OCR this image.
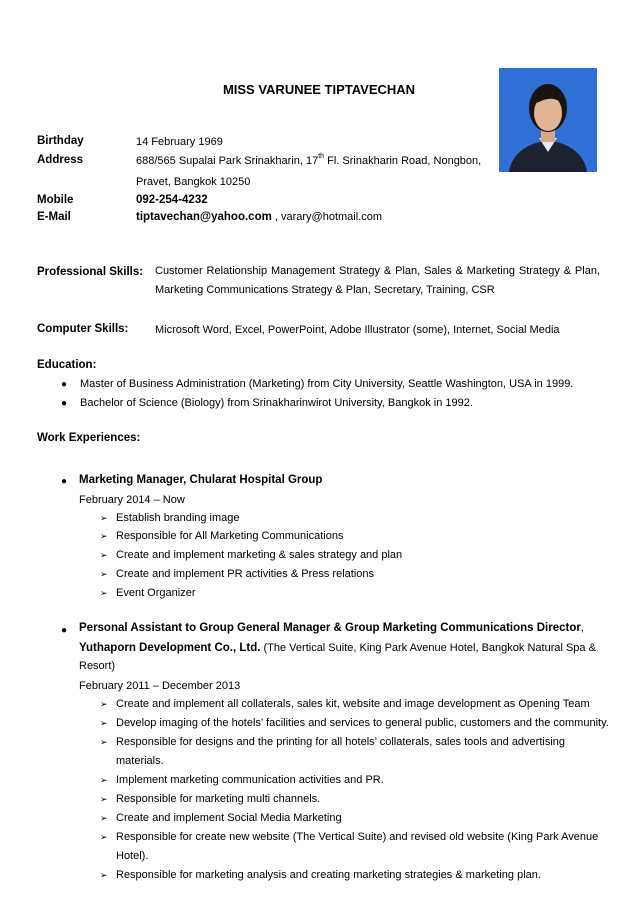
MISS VARUNEE TIPTAVECHAN
Birthday	14 February 1969
Address	688/565 Supalai Park Srinakharin, 17th Fl. Srinakharin Road, Nongbon,
Pravet, Bangkok 10250
Mobile	092-254-4232
E-Mail	tiptavechan@yahoo.com , varary@hotmail.com
Professional Skills: Customer Relationship Management Strategy & Plan, Sales & Marketing Strategy & Plan, Marketing Communications Strategy & Plan, Secretary, Training, CSR
Computer Skills: Microsoft Word, Excel, PowerPoint, Adobe Illustrator (some), Internet, Social Media
Education:
● Master of Business Administration (Marketing) from City University, Seattle Washington, USA in 1999.
● Bachelor of Science (Biology) from Srinakharinwirot University, Bangkok in 1992.
Work Experiences:
● Marketing Manager, Chularat Hospital Group
February 2014 – Now
➢ Establish branding image
➢ Responsible for All Marketing Communications
➢ Create and implement marketing & sales strategy and plan
➢ Create and implement PR activities & Press relations
➢ Event Organizer
● Personal Assistant to Group General Manager & Group Marketing Communications Director,
Yuthaporn Development Co., Ltd. (The Vertical Suite, King Park Avenue Hotel, Bangkok Natural Spa &
Resort)
February 2011 – December 2013
➢ Create and implement all collaterals, sales kit, website and image development as Opening Team
➢ Develop imaging of the hotels’ facilities and services to general public, customers and the community.
➢ Responsible for designs and the printing for all hotels’ collaterals, sales tools and advertising
materials.
➢ Implement marketing communication activities and PR.
➢ Responsible for marketing multi channels.
➢ Create and implement Social Media Marketing
➢ Responsible for create new website (The Vertical Suite) and revised old website (King Park Avenue
Hotel).
➢ Responsible for marketing analysis and creating marketing strategies & marketing plan.
